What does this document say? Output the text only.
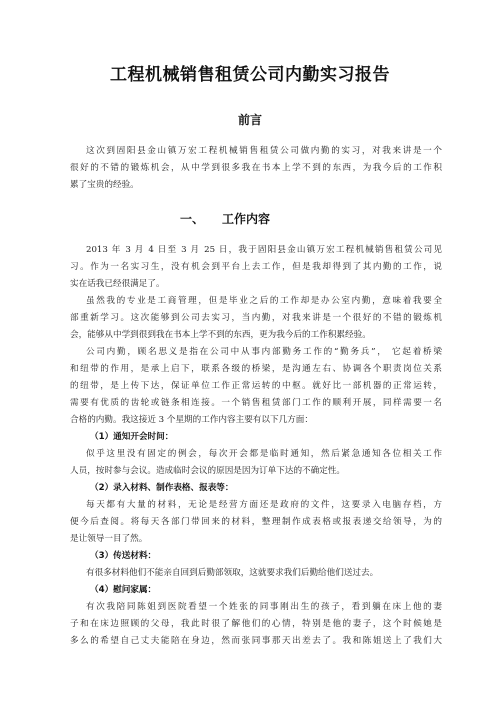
工程机械销售租赁公司内勤实习报告
前言
这次到固阳县金山镇万宏工程机械销售租赁公司做内勤的实习，对我来讲是一个
很好的不错的锻炼机会，从中学到很多我在书本上学不到的东西，为我今后的工作积
累了宝贵的经验。
一、 工作内容
2013 年 3 月 4 日至 3 月 25 日，我于固阳县金山镇万宏工程机械销售租赁公司见
习。作为一名实习生，没有机会到平台上去工作，但是我却得到了其内勤的工作，说
实在话我已经很满足了。
虽然我的专业是工商管理，但是毕业之后的工作却是办公室内勤，意味着我要全
部重新学习。这次能够到公司去实习，当内勤，对我来讲是一个很好的不错的锻炼机
会，能够从中学到很到我在书本上学不到的东西，更为我今后的工作积累经验。
公司内勤，顾名思义是指在公司中从事内部勤务工作的“勤务兵”， 它起着桥梁
和纽带的作用，是承上启下，联系各级的桥梁，是沟通左右、协调各个职责岗位关系
的纽带，是上传下达，保证单位工作正常运转的中枢。就好比一部机器的正常运转，
需要有优质的齿轮或链条相连接。一个销售租赁部门工作的顺利开展，同样需要一名
合格的内勤。我这接近 3 个星期的工作内容主要有以下几方面：
（1）通知开会时间：
似乎这里没有固定的例会，每次开会都是临时通知，然后紧急通知各位相关工作
人员，按时参与会议。造成临时会议的原因是因为订单下达的不确定性。
（2）录入材料、制作表格、报表等：
每天都有大量的材料，无论是经营方面还是政府的文件，这要录入电脑存档，方
便今后查阅。将每天各部门带回来的材料，整理制作成表格或报表递交给领导，为的
是让领导一目了然。
（3）传送材料：
有很多材料他们不能亲自回到后勤部领取，这就要求我们后勤给他们送过去。
（4）慰问家属：
有次我陪同陈姐到医院看望一个姓张的同事刚出生的孩子，看到躺在床上他的妻
子和在床边照顾的父母，我此时很了解他们的心情，特别是他的妻子，这个时候她是
多么的希望自己丈夫能陪在身边，然而张同事那天出差去了。我和陈姐送上了我们大
